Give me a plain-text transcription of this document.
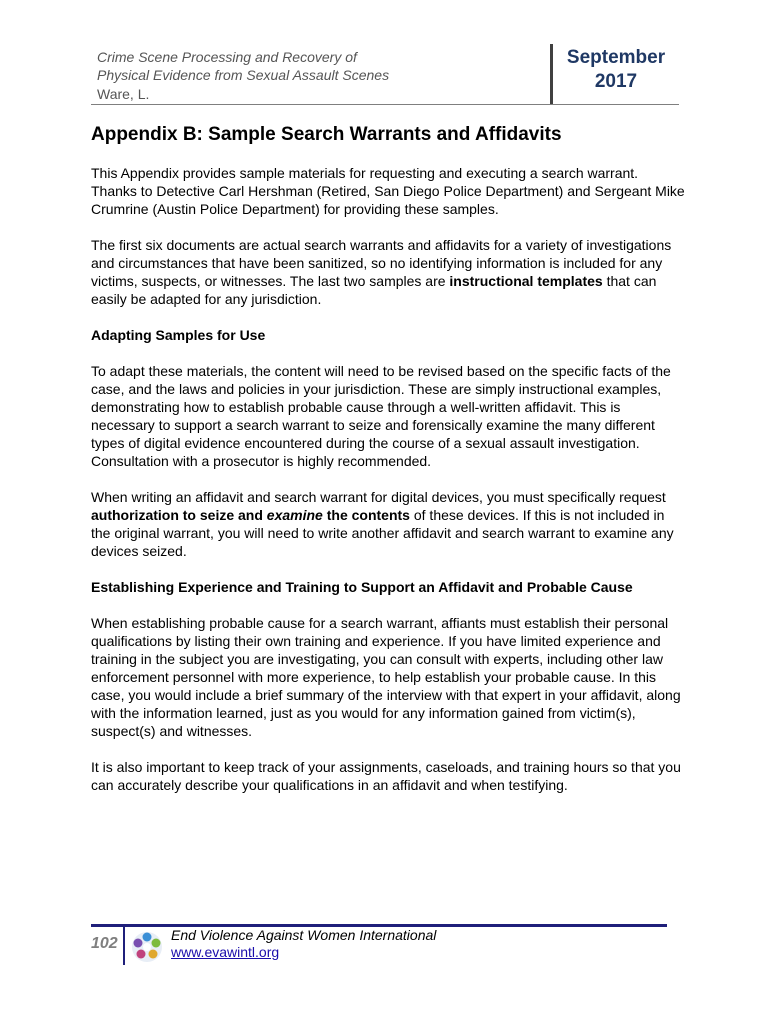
Crime Scene Processing and Recovery of
Physical Evidence from Sexual Assault Scenes
Ware, L.
September
2017
Appendix B: Sample Search Warrants and Affidavits

This Appendix provides sample materials for requesting and executing a search warrant. Thanks to Detective Carl Hershman (Retired, San Diego Police Department) and Sergeant Mike Crumrine (Austin Police Department) for providing these samples.

The first six documents are actual search warrants and affidavits for a variety of investigations and circumstances that have been sanitized, so no identifying information is included for any victims, suspects, or witnesses. The last two samples are instructional templates that can easily be adapted for any jurisdiction.

Adapting Samples for Use

To adapt these materials, the content will need to be revised based on the specific facts of the case, and the laws and policies in your jurisdiction. These are simply instructional examples, demonstrating how to establish probable cause through a well-written affidavit. This is necessary to support a search warrant to seize and forensically examine the many different types of digital evidence encountered during the course of a sexual assault investigation. Consultation with a prosecutor is highly recommended.

When writing an affidavit and search warrant for digital devices, you must specifically request authorization to seize and examine the contents of these devices. If this is not included in the original warrant, you will need to write another affidavit and search warrant to examine any devices seized.

Establishing Experience and Training to Support an Affidavit and Probable Cause

When establishing probable cause for a search warrant, affiants must establish their personal qualifications by listing their own training and experience. If you have limited experience and training in the subject you are investigating, you can consult with experts, including other law enforcement personnel with more experience, to help establish your probable cause. In this case, you would include a brief summary of the interview with that expert in your affidavit, along with the information learned, just as you would for any information gained from victim(s), suspect(s) and witnesses.

It is also important to keep track of your assignments, caseloads, and training hours so that you can accurately describe your qualifications in an affidavit and when testifying.

102	End Violence Against Women International
www.evawintl.org
